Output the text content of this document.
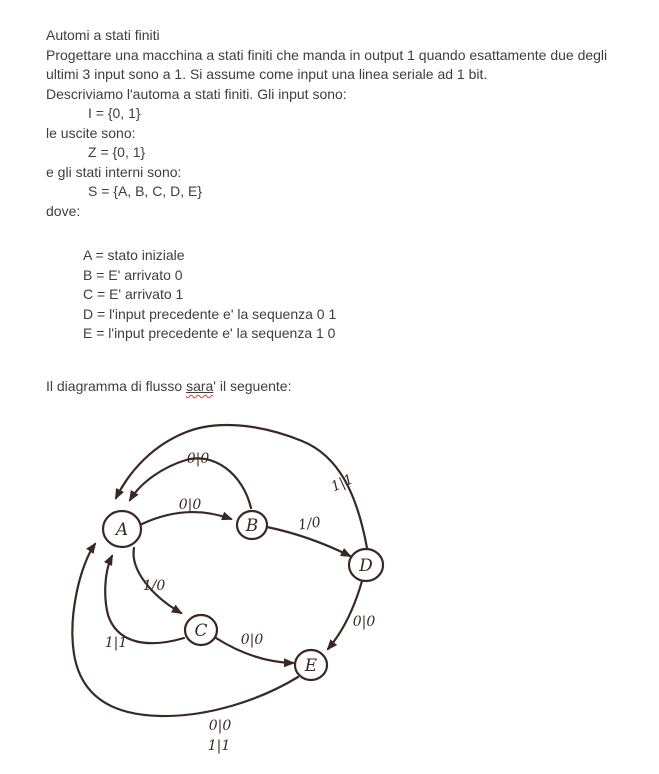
Automi a stati finiti
Progettare una macchina a stati finiti che manda in output 1 quando esattamente due degli
ultimi 3 input sono a 1. Si assume come input una linea seriale ad 1 bit.
Descriviamo l'automa a stati finiti. Gli input sono:
I = {0, 1}
le uscite sono:
Z = {0, 1}
e gli stati interni sono:
S = {A, B, C, D, E}
dove:
A = stato iniziale
B = E' arrivato 0
C = E' arrivato 1
D = l'input precedente e' la sequenza 0 1
E = l'input precedente e' la sequenza 1 0
Il diagramma di flusso sara' il seguente:
0|0
0|0
1|1
1/0
1|1
1/0
0|0
0|0
0|0
1|1
A	B
C
D
E
